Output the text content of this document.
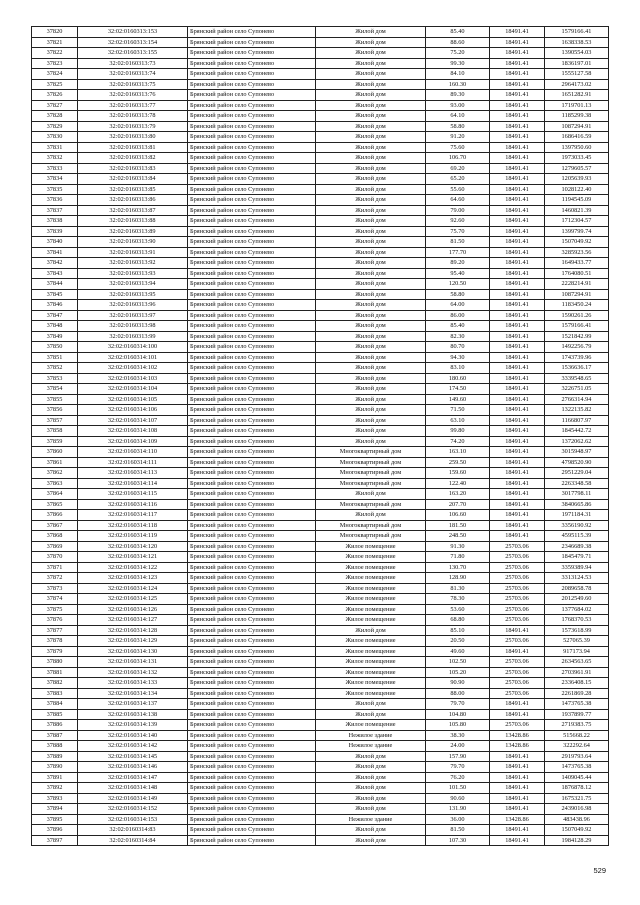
37820	32:02:0160313:153	Брянский район село Супонево	Жилой дом	85.40	18491.41	1579166.41
37821	32:02:0160313:154	Брянский район село Супонево	Жилой дом	88.60	18491.41	1638338.53
37822	32:02:0160313:155	Брянский район село Супонево	Жилой дом	75.20	18491.41	1390554.03
37823	32:02:0160313:73	Брянский район село Супонево	Жилой дом	99.30	18491.41	1836197.01
37824	32:02:0160313:74	Брянский район село Супонево	Жилой дом	84.10	18491.41	1555127.58
37825	32:02:0160313:75	Брянский район село Супонево	Жилой дом	160.30	18491.41	2964173.02
37826	32:02:0160313:76	Брянский район село Супонево	Жилой дом	89.30	18491.41	1651282.91
37827	32:02:0160313:77	Брянский район село Супонево	Жилой дом	93.00	18491.41	1719701.13
37828	32:02:0160313:78	Брянский район село Супонево	Жилой дом	64.10	18491.41	1185299.38
37829	32:02:0160313:79	Брянский район село Супонево	Жилой дом	58.80	18491.41	1087294.91
37830	32:02:0160313:80	Брянский район село Супонево	Жилой дом	91.20	18491.41	1686416.59
37831	32:02:0160313:81	Брянский район село Супонево	Жилой дом	75.60	18491.41	1397950.60
37832	32:02:0160313:82	Брянский район село Супонево	Жилой дом	106.70	18491.41	1973033.45
37833	32:02:0160313:83	Брянский район село Супонево	Жилой дом	69.20	18491.41	1279605.57
37834	32:02:0160313:84	Брянский район село Супонево	Жилой дом	65.20	18491.41	1205639.93
37835	32:02:0160313:85	Брянский район село Супонево	Жилой дом	55.60	18491.41	1028122.40
37836	32:02:0160313:86	Брянский район село Супонево	Жилой дом	64.60	18491.41	1194545.09
37837	32:02:0160313:87	Брянский район село Супонево	Жилой дом	79.00	18491.41	1460821.39
37838	32:02:0160313:88	Брянский район село Супонево	Жилой дом	92.60	18491.41	1712304.57
37839	32:02:0160313:89	Брянский район село Супонево	Жилой дом	75.70	18491.41	1399799.74
37840	32:02:0160313:90	Брянский район село Супонево	Жилой дом	81.50	18491.41	1507049.92
37841	32:02:0160313:91	Брянский район село Супонево	Жилой дом	177.70	18491.41	3285923.56
37842	32:02:0160313:92	Брянский район село Супонево	Жилой дом	89.20	18491.41	1649433.77
37843	32:02:0160313:93	Брянский район село Супонево	Жилой дом	95.40	18491.41	1764080.51
37844	32:02:0160313:94	Брянский район село Супонево	Жилой дом	120.50	18491.41	2228214.91
37845	32:02:0160313:95	Брянский район село Супонево	Жилой дом	58.80	18491.41	1087294.91
37846	32:02:0160313:96	Брянский район село Супонево	Жилой дом	64.00	18491.41	1183450.24
37847	32:02:0160313:97	Брянский район село Супонево	Жилой дом	86.00	18491.41	1590261.26
37848	32:02:0160313:98	Брянский район село Супонево	Жилой дом	85.40	18491.41	1579166.41
37849	32:02:0160313:99	Брянский район село Супонево	Жилой дом	82.30	18491.41	1521842.99
37850	32:02:0160314:100	Брянский район село Супонево	Жилой дом	80.70	18491.41	1492256.79
37851	32:02:0160314:101	Брянский район село Супонево	Жилой дом	94.30	18491.41	1743739.96
37852	32:02:0160314:102	Брянский район село Супонево	Жилой дом	83.10	18491.41	1536636.17
37853	32:02:0160314:103	Брянский район село Супонево	Жилой дом	180.60	18491.41	3339548.65
37854	32:02:0160314:104	Брянский район село Супонево	Жилой дом	174.50	18491.41	3226751.05
37855	32:02:0160314:105	Брянский район село Супонево	Жилой дом	149.60	18491.41	2766314.94
37856	32:02:0160314:106	Брянский район село Супонево	Жилой дом	71.50	18491.41	1322135.82
37857	32:02:0160314:107	Брянский район село Супонево	Жилой дом	63.10	18491.41	1166807.97
37858	32:02:0160314:108	Брянский район село Супонево	Жилой дом	99.80	18491.41	1845442.72
37859	32:02:0160314:109	Брянский район село Супонево	Жилой дом	74.20	18491.41	1372062.62
37860	32:02:0160314:110	Брянский район село Супонево	Многоквартирный дом	163.10	18491.41	3015948.97
37861	32:02:0160314:111	Брянский район село Супонево	Многоквартирный дом	259.50	18491.41	4798520.90
37862	32:02:0160314:113	Брянский район село Супонево	Многоквартирный дом	159.60	18491.41	2951229.04
37863	32:02:0160314:114	Брянский район село Супонево	Многоквартирный дом	122.40	18491.41	2263348.58
37864	32:02:0160314:115	Брянский район село Супонево	Жилой дом	163.20	18491.41	3017798.11
37865	32:02:0160314:116	Брянский район село Супонево	Многоквартирный дом	207.70	18491.41	3840665.86
37866	32:02:0160314:117	Брянский район село Супонево	Жилой дом	106.60	18491.41	1971184.31
37867	32:02:0160314:118	Брянский район село Супонево	Многоквартирный дом	181.50	18491.41	3356190.92
37868	32:02:0160314:119	Брянский район село Супонево	Многоквартирный дом	248.50	18491.41	4595115.39
37869	32:02:0160314:120	Брянский район село Супонево	Жилое помещение	91.30	25703.06	2346689.38
37870	32:02:0160314:121	Брянский район село Супонево	Жилое помещение	71.80	25703.06	1845479.71
37871	32:02:0160314:122	Брянский район село Супонево	Жилое помещение	130.70	25703.06	3359389.94
37872	32:02:0160314:123	Брянский район село Супонево	Жилое помещение	128.90	25703.06	3313124.53
37873	32:02:0160314:124	Брянский район село Супонево	Жилое помещение	81.30	25703.06	2089658.78
37874	32:02:0160314:125	Брянский район село Супонево	Жилое помещение	78.30	25703.06	2012549.60
37875	32:02:0160314:126	Брянский район село Супонево	Жилое помещение	53.60	25703.06	1377684.02
37876	32:02:0160314:127	Брянский район село Супонево	Жилое помещение	68.80	25703.06	1768370.53
37877	32:02:0160314:128	Брянский район село Супонево	Жилой дом	85.10	18491.41	1573618.99
37878	32:02:0160314:129	Брянский район село Супонево	Жилое помещение	20.50	25703.06	527065.39
37879	32:02:0160314:130	Брянский район село Супонево	Жилое помещение	49.60	18491.41	917173.94
37880	32:02:0160314:131	Брянский район село Супонево	Жилое помещение	102.50	25703.06	2634563.65
37881	32:02:0160314:132	Брянский район село Супонево	Жилое помещение	105.20	25703.06	2703961.91
37882	32:02:0160314:133	Брянский район село Супонево	Жилое помещение	90.90	25703.06	2336408.15
37883	32:02:0160314:134	Брянский район село Супонево	Жилое помещение	88.00	25703.06	2261869.28
37884	32:02:0160314:137	Брянский район село Супонево	Жилой дом	79.70	18491.41	1473765.38
37885	32:02:0160314:138	Брянский район село Супонево	Жилой дом	104.80	18491.41	1937899.77
37886	32:02:0160314:139	Брянский район село Супонево	Жилое помещение	105.80	25703.06	2719383.75
37887	32:02:0160314:140	Брянский район село Супонево	Нежилое здание	38.30	13428.86	515668.22
37888	32:02:0160314:142	Брянский район село Супонево	Нежилое здание	24.00	13428.86	322292.64
37889	32:02:0160314:145	Брянский район село Супонево	Жилой дом	157.90	18491.41	2919793.64
37890	32:02:0160314:146	Брянский район село Супонево	Жилой дом	79.70	18491.41	1473765.38
37891	32:02:0160314:147	Брянский район село Супонево	Жилой дом	76.20	18491.41	1409045.44
37892	32:02:0160314:148	Брянский район село Супонево	Жилой дом	101.50	18491.41	1876878.12
37893	32:02:0160314:149	Брянский район село Супонево	Жилой дом	90.60	18491.41	1675321.75
37894	32:02:0160314:152	Брянский район село Супонево	Жилой дом	131.90	18491.41	2439016.98
37895	32:02:0160314:153	Брянский район село Супонево	Нежилое здание	36.00	13428.86	483438.96
37896	32:02:0160314:83	Брянский район село Супонево	Жилой дом	81.50	18491.41	1507049.92
37897	32:02:0160314:84	Брянский район село Супонево	Жилой дом	107.30	18491.41	1984128.29
529
